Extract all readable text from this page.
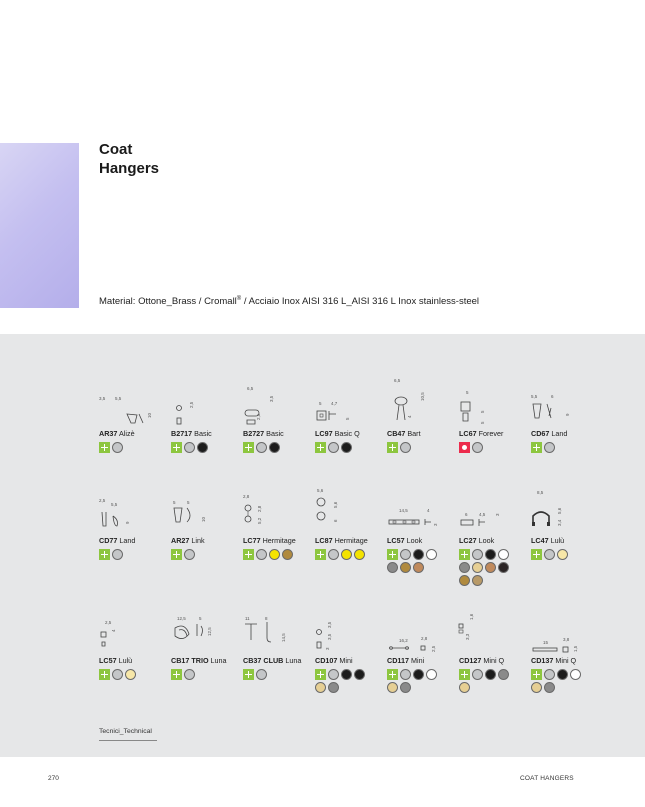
Coat
Hangers
Material: Ottone_Brass / Cromall® / Acciaio Inox AISI 316 L_AISI 316 L Inox stainless-steel
3,5 5,5
10
AR37 Alizè
2,5
B2717 Basic
6,5
2,5
3,5
B2727 Basic
5 4,7
5
LC97 Basic Q
6,5
10,5
4
CB47 Bart
5
5
5
LC67 Forever
5,5	6
9
CD67 Land
2,5
5,5
9
CD77 Land
5	5
10
AR27 Link
2,8
5,2
2,8
LC77 Hermitage
5,6
5,6
6
LC87 Hermitage
14,5	4
3
LC57 Look
6	4,5 3
LC27 Look
8,5
5,6
3,4
LC47 Lulù
2,5
4
LC57 Lulù
12,5	5
12,5
CB17 TRIO Luna
11	8
14,5
CB37 CLUB Luna
3,5
3,5
3
CD107 Mini
16,2	2,8
2,5
CD117 Mini
1,6
3,3
CD127 Mini Q
15
3,8
1,5
CD137 Mini Q
Tecnici_Technical
270	COAT HANGERS
